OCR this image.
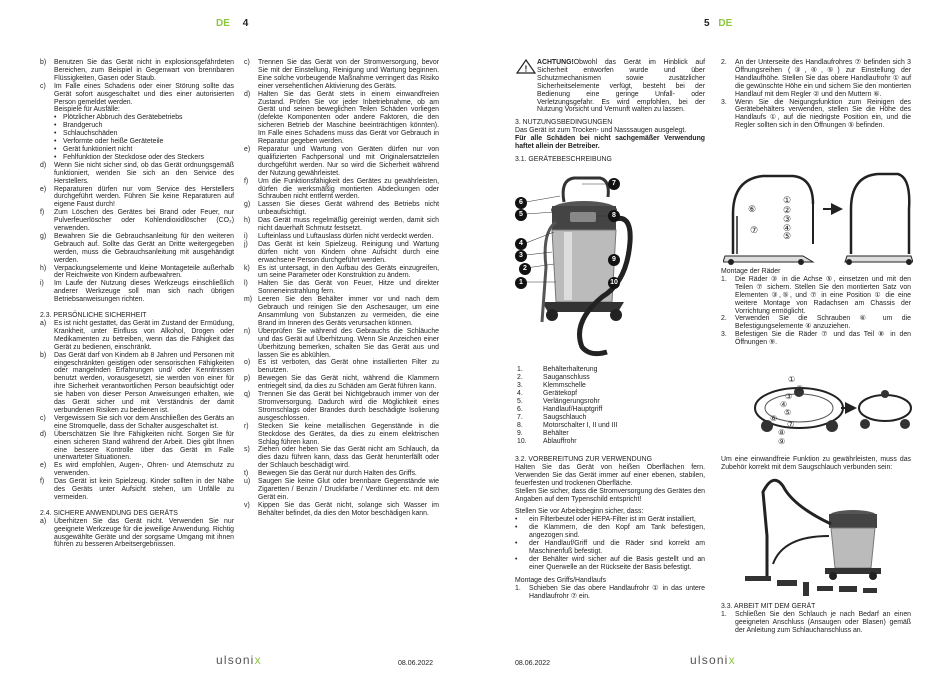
DE 4
b)	Benutzen Sie das Gerät nicht in explosionsgefährdeten Bereichen, zum Beispiel in Gegenwart von brennbaren Flüssigkeiten, Gasen oder Staub.
c)	Im Falle eines Schadens oder einer Störung sollte das Gerät sofort ausgeschaltet und dies einer autorisierten Person gemeldet werden.
Beispiele für Ausfälle:
• Plötzlicher Abbruch des Gerätebetriebs
• Brandgeruch
• Schlauchschäden
• Verformte oder heiße Geräteteile
• Gerät funktioniert nicht
• Fehlfunktion der Steckdose oder des Steckers
d)	Wenn Sie nicht sicher sind, ob das Gerät ordnungsgemäß funktioniert, wenden Sie sich an den Service des Herstellers.
e)	Reparaturen dürfen nur vom Service des Herstellers durchgeführt werden. Führen Sie keine Reparaturen auf eigene Faust durch!
f)	Zum Löschen des Gerätes bei Brand oder Feuer, nur Pulverfeuerlöscher oder Kohlendioxidlöscher (CO₂) verwenden.
g)	Bewahren Sie die Gebrauchsanleitung für den weiteren Gebrauch auf. Sollte das Gerät an Dritte weitergegeben werden, muss die Gebrauchsanleitung mit ausgehändigt werden.
h)	Verpackungselemente und kleine Montageteile außerhalb der Reichweite von Kindern aufbewahren.
i)	Im Laufe der Nutzung dieses Werkzeugs einschließlich anderer Werkzeuge soll man sich nach übrigen Betriebsanweisungen richten.

2.3. PERSÖNLICHE SICHERHEIT

a)	Es ist nicht gestattet, das Gerät im Zustand der Ermüdung, Krankheit, unter Einfluss von Alkohol, Drogen oder Medikamenten zu betreiben, wenn das die Fähigkeit das Gerät zu bedienen, einschränkt.
b)	Das Gerät darf von Kindern ab 8 Jahren und Personen mit eingeschränkten geistigen oder sensorischen Fähigkeiten oder mangelnden Erfahrungen und/ oder Kenntnissen benutzt werden, vorausgesetzt, sie werden von einer für ihre Sicherheit verantwortlichen Person beaufsichtigt oder sie haben von dieser Person Anweisungen erhalten, wie das Gerät sicher und mit Verständnis der damit verbundenen Risiken zu bedienen ist.
c)	Vergewissern Sie sich vor dem Anschließen des Geräts an eine Stromquelle, dass der Schalter ausgeschaltet ist.
d)	Überschätzen Sie Ihre Fähigkeiten nicht. Sorgen Sie für einen sicheren Stand während der Arbeit. Dies gibt Ihnen eine bessere Kontrolle über das Gerät im Falle unerwarteter Situationen.
e)	Es wird empfohlen, Augen-, Ohren- und Atemschutz zu verwenden.
f)	Das Gerät ist kein Spielzeug. Kinder sollten in der Nähe des Geräts unter Aufsicht stehen, um Unfälle zu vermeiden.

2.4. SICHERE ANWENDUNG DES GERÄTS

a)	Überhitzen Sie das Gerät nicht. Verwenden Sie nur geeignete Werkzeuge für die jeweilige Anwendung. Richtig ausgewählte Geräte und der sorgsame Umgang mit ihnen führen zu besseren Arbeitsergebnissen.
c)	Trennen Sie das Gerät von der Stromversorgung, bevor Sie mit der Einstellung, Reinigung und Wartung beginnen. Eine solche vorbeugende Maßnahme verringert das Risiko einer versehentlichen Aktivierung des Geräts.
d)	Halten Sie das Gerät stets in einem einwandfreien Zustand. Prüfen Sie vor jeder Inbetriebnahme, ob am Gerät und seinen beweglichen Teilen Schäden vorliegen (defekte Komponenten oder andere Faktoren, die den sicheren Betrieb der Maschine beeinträchtigen könnten). Im Falle eines Schadens muss das Gerät vor Gebrauch in Reparatur gegeben werden.
e)	Reparatur und Wartung von Geräten dürfen nur von qualifizierten Fachpersonal und mit Originalersatzteilen durchgeführt werden. Nur so wird die Sicherheit während der Nutzung gewährleistet.
f)	Um die Funktionsfähigkeit des Gerätes zu gewährleisten, dürfen die werksmäßig montierten Abdeckungen oder Schrauben nicht entfernt werden.
g)	Lassen Sie dieses Gerät während des Betriebs nicht unbeaufsichtigt.
h)	Das Gerät muss regelmäßig gereinigt werden, damit sich nicht dauerhaft Schmutz festsetzt.
i)	Lufteinlass und Luftauslass dürfen nicht verdeckt werden.
j)	Das Gerät ist kein Spielzeug. Reinigung und Wartung dürfen nicht von Kindern ohne Aufsicht durch eine erwachsene Person durchgeführt werden.
k)	Es ist untersagt, in den Aufbau des Geräts einzugreifen, um seine Parameter oder Konstruktion zu ändern.
l)	Halten Sie das Gerät von Feuer, Hitze und direkter Sonneneinstrahlung fern.
m) Leeren Sie den Behälter immer vor und nach dem Gebrauch und reinigen Sie den Aschesauger, um eine Ansammlung von Substanzen zu vermeiden, die eine Brand im Inneren des Geräts verursachen können.
n)	Überprüfen Sie während des Gebrauchs die Schläuche und das Gerät auf Überhitzung. Wenn Sie Anzeichen einer Überhitzung bemerken, schalten Sie das Gerät aus und lassen Sie es abkühlen.
o)	Es ist verboten, das Gerät ohne installierten Filter zu benutzen.
p)	Bewegen Sie das Gerät nicht, während die Klammern entriegelt sind, da dies zu Schäden am Gerät führen kann.
q)	Trennen Sie das Gerät bei Nichtgebrauch immer von der Stromversorgung. Dadurch wird die Möglichkeit eines Stromschlags oder Brandes durch beschädigte Isolierung ausgeschlossen.
r)	Stecken Sie keine metallischen Gegenstände in die Steckdose des Gerätes, da dies zu einem elektrischen Schlag führen kann.
s)	Ziehen oder heben Sie das Gerät nicht am Schlauch, da dies dazu führen kann, dass das Gerät herunterfällt oder der Schlauch beschädigt wird.
t)	Bewegen Sie das Gerät nur durch Halten des Griffs.
u)	Saugen Sie keine Glut oder brennbare Gegenstände wie Zigaretten / Benzin / Druckfarbe / Verdünner etc. mit dem Gerät ein.
v)	Kippen Sie das Gerät nicht, solange sich Wasser im Behälter befindet, da dies den Motor beschädigen kann.
ulsonix	08.06.2022
5 DE
!

ACHTUNG!Obwohl das Gerät im Hinblick auf Sicherheit entworfen wurde und über Schutzmechanismen sowie zusätzlicher Sicherheitselemente verfügt, besteht bei der Bedienung eine geringe Unfall- oder Verletzungsgefahr. Es wird empfohlen, bei der Nutzung Vorsicht und Vernunft walten zu lassen.

3. NUTZUNGSBEDINGUNGEN

Das Gerät ist zum Trocken- und Nasssaugen ausgelegt.

Für alle Schäden bei nicht sachgemäßer Verwendung haftet allein der Betreiber.

3.1. GERÄTEBESCHREIBUNG

1
2
3
4
5
6
7
8
9
10
1.	Behälterhalterung
2.	Sauganschluss
3.	Klemmschelle
4.	Gerätekopf
5.	Verlängerungsrohr
6.	Handlauf/Hauptgriff
7.	Saugschlauch
8.	Motorschalter I, II und III
9.	Behälter
10.	Ablauffrohr

3.2. VORBEREITUNG ZUR VERWENDUNG

Halten Sie das Gerät von heißen Oberflächen fern. Verwenden Sie das Gerät immer auf einer ebenen, stabilen, feuerfesten und trockenen Oberfläche.

Stellen Sie sicher, dass die Stromversorgung des Gerätes den Angaben auf dem Typenschild entspricht!

Stellen Sie vor Arbeitsbeginn sicher, dass:

•	ein Filterbeutel oder HEPA-Filter ist im Gerät installiert,
•	die Klammern, die den Kopf am Tank befestigen, angezogen sind.
•	der Handlauf/Griff und die Räder sind korrekt am Maschinenfuß befestigt.
•	der Behälter wird sicher auf die Basis gestellt und an einer Querwelle an der Rückseite der Basis befestigt.

Montage des Griffs/Handlaufs

1.	Schieben Sie das obere Handlaufrohr ① in das untere Handlaufrohr ⑦ ein.
2.	An der Unterseite des Handlaufrohres ⑦ befinden sich 3 Öffnungsreihen (③,④,⑤) zur Einstellung der Handlaufhöhe. Stellen Sie das obere Handlaufrohr ① auf die gewünschte Höhe ein und sichern Sie den montierten Handlauf mit dem Regler ② und den Muttern ⑥.
3.	Wenn Sie die Neigungsfunktion zum Reinigen des Gerätebehälters verwenden, stellen Sie die Höhe des Handlaufs ①, auf die niedrigste Position ein, und die Regler sollten sich in den Öffnungen ⑤ befinden.
①
②
③
④
⑤
⑥
⑦

Montage der Räder

1.	Die Räder ③ in die Achse ⑤, einsetzen und mit den Teilen ⑦ sichern. Stellen Sie den montierten Satz von Elementen ③,⑤, und ⑦ in eine Position ① die eine weitere Montage von Radachsen am Chassis der Vorrichtung ermöglicht.
2.	Verwenden Sie die Schrauben ⑥ um die Befestigungselemente ④ anzuziehen.
3.	Befestigen Sie die Räder ⑦ und das Teil ⑧ in den Öffnungen ⑨.
①
②
③
④
⑤
⑥
⑦
⑧
⑨
Um eine einwandfreie Funktion zu gewährleisten, muss das Zubehör korrekt mit dem Saugschlauch verbunden sein:

3.3. ARBEIT MIT DEM GERÄT

1.	Schließen Sie den Schlauch je nach Bedarf an einen geeigneten Anschluss (Ansaugen oder Blasen) gemäß der Anleitung zum Schlauchanschluss an.
08.06.2022	ulsonix
